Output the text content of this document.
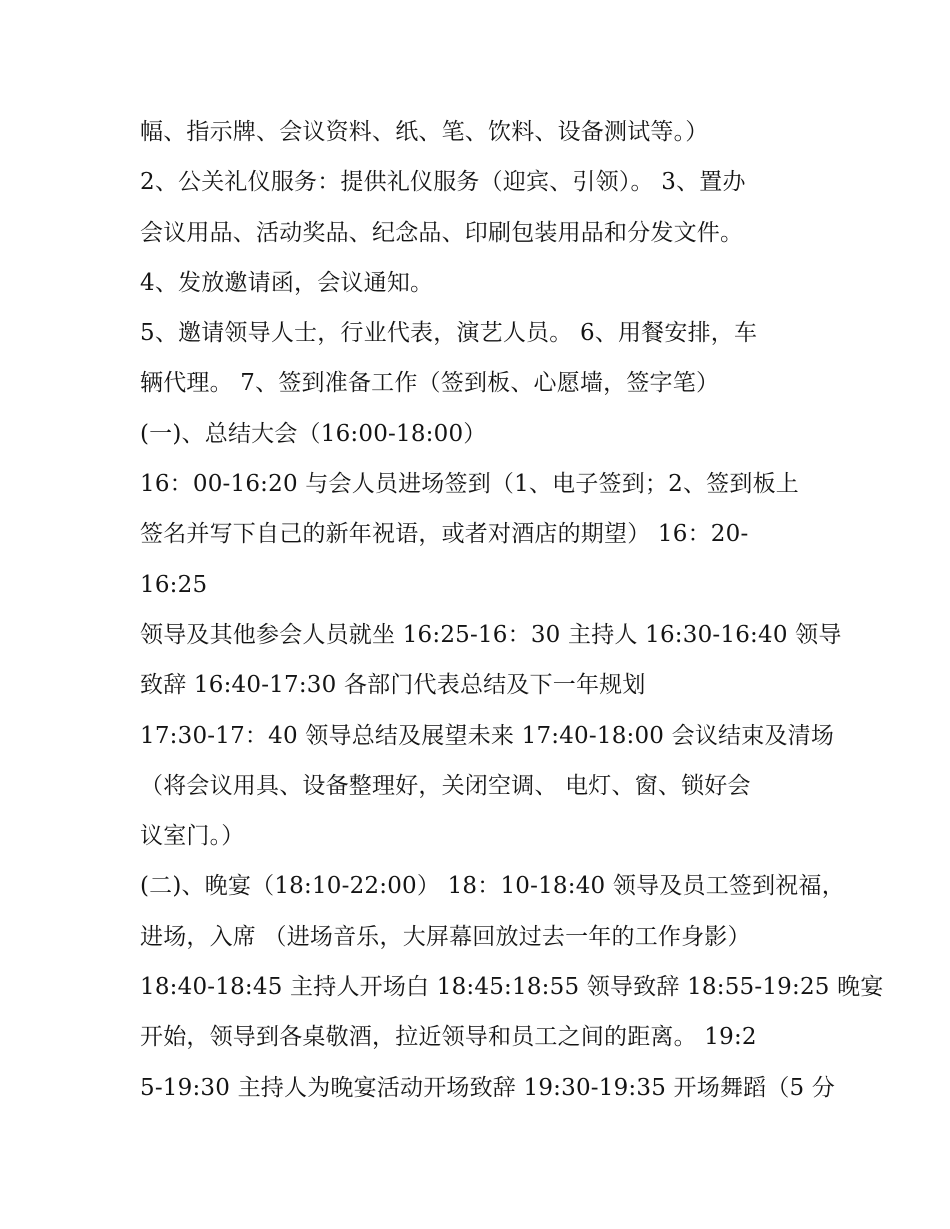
幅、指示牌、会议资料、纸、笔、饮料、设备测试等。）
2、公关礼仪服务：提供礼仪服务（迎宾、引领）。 3、置办
会议用品、活动奖品、纪念品、印刷包装用品和分发文件。
4、发放邀请函，会议通知。
5、邀请领导人士，行业代表，演艺人员。 6、用餐安排，车
辆代理。 7、签到准备工作（签到板、心愿墙，签字笔）
(一)、总结大会（16:00-18:00）
16：00-16:20 与会人员进场签到（1、电子签到；2、签到板上
签名并写下自己的新年祝语，或者对酒店的期望） 16：20-
16:25
领导及其他参会人员就坐 16:25-16：30 主持人 16:30-16:40 领导
致辞 16:40-17:30 各部门代表总结及下一年规划
17:30-17：40 领导总结及展望未来 17:40-18:00 会议结束及清场
（将会议用具、设备整理好，关闭空调、 电灯、窗、锁好会
议室门。）
(二)、晚宴（18:10-22:00） 18：10-18:40 领导及员工签到祝福，
进场，入席 （进场音乐，大屏幕回放过去一年的工作身影）
18:40-18:45 主持人开场白 18:45:18:55 领导致辞 18:55-19:25 晚宴
开始，领导到各桌敬酒，拉近领导和员工之间的距离。 19:2
5-19:30 主持人为晚宴活动开场致辞 19:30-19:35 开场舞蹈（5 分
